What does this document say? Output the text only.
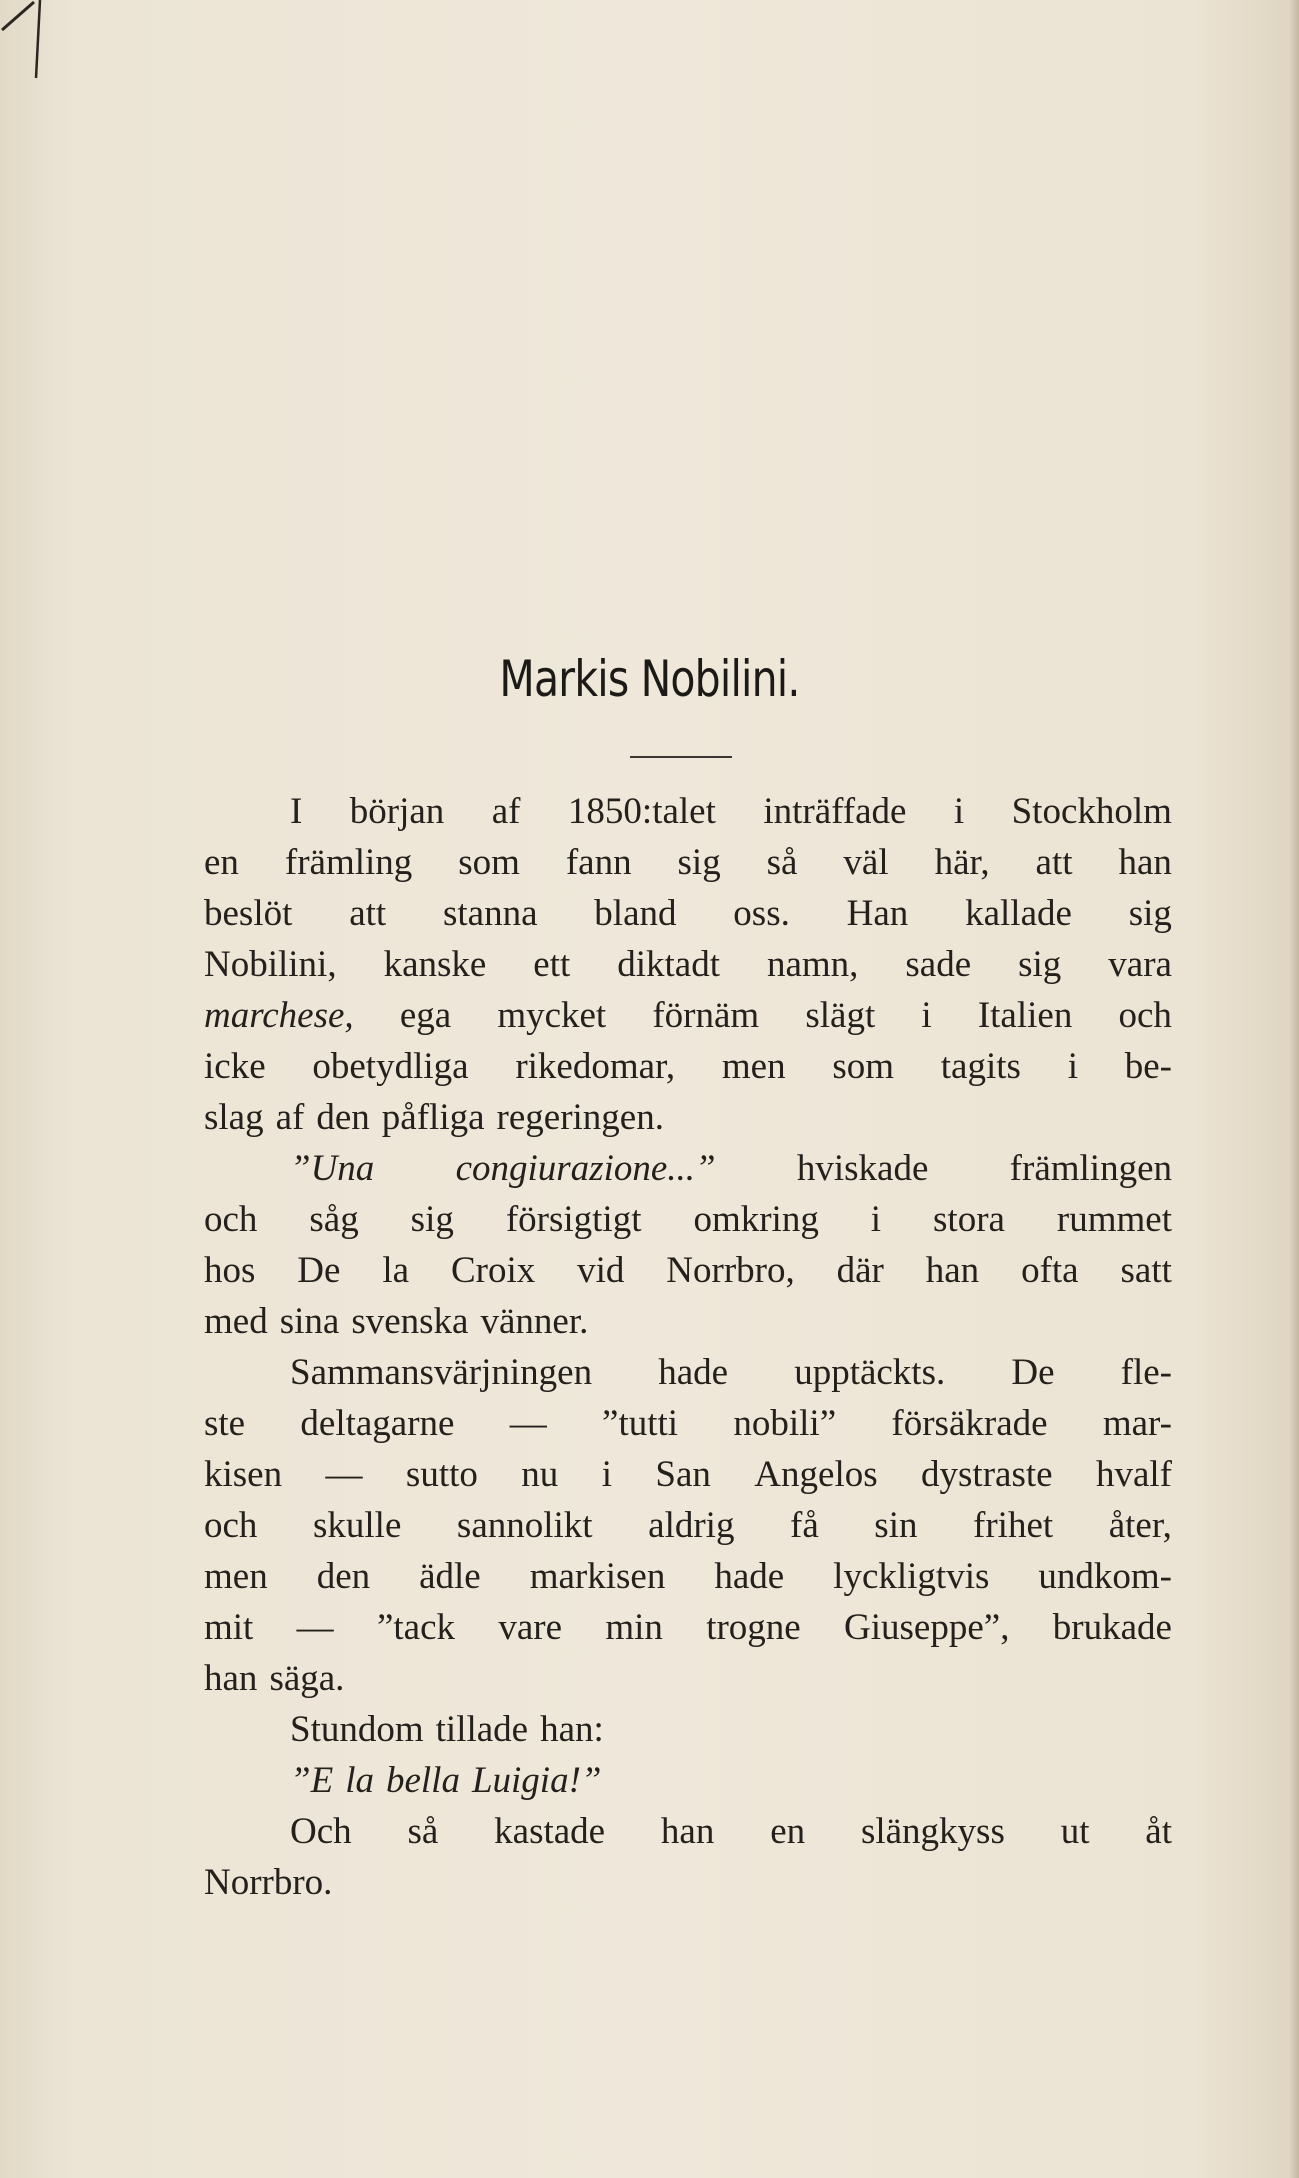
Markis Nobilini.
I början af 1850:talet inträffade i Stockholm
en främling som fann sig så väl här, att han
beslöt att stanna bland oss. Han kallade sig
Nobilini, kanske ett diktadt namn, sade sig vara
marchese, ega mycket förnäm slägt i Italien och
icke obetydliga rikedomar, men som tagits i be-
slag af den påfliga regeringen.
”Una congiurazione...” hviskade främlingen
och såg sig försigtigt omkring i stora rummet
hos De la Croix vid Norrbro, där han ofta satt
med sina svenska vänner.
Sammansvärjningen hade upptäckts. De fle-
ste deltagarne — ”tutti nobili” försäkrade mar-
kisen — sutto nu i San Angelos dystraste hvalf
och skulle sannolikt aldrig få sin frihet åter,
men den ädle markisen hade lyckligtvis undkom-
mit — ”tack vare min trogne Giuseppe”, brukade
han säga.
Stundom tillade han:
”E la bella Luigia!”
Och så kastade han en slängkyss ut åt
Norrbro.
